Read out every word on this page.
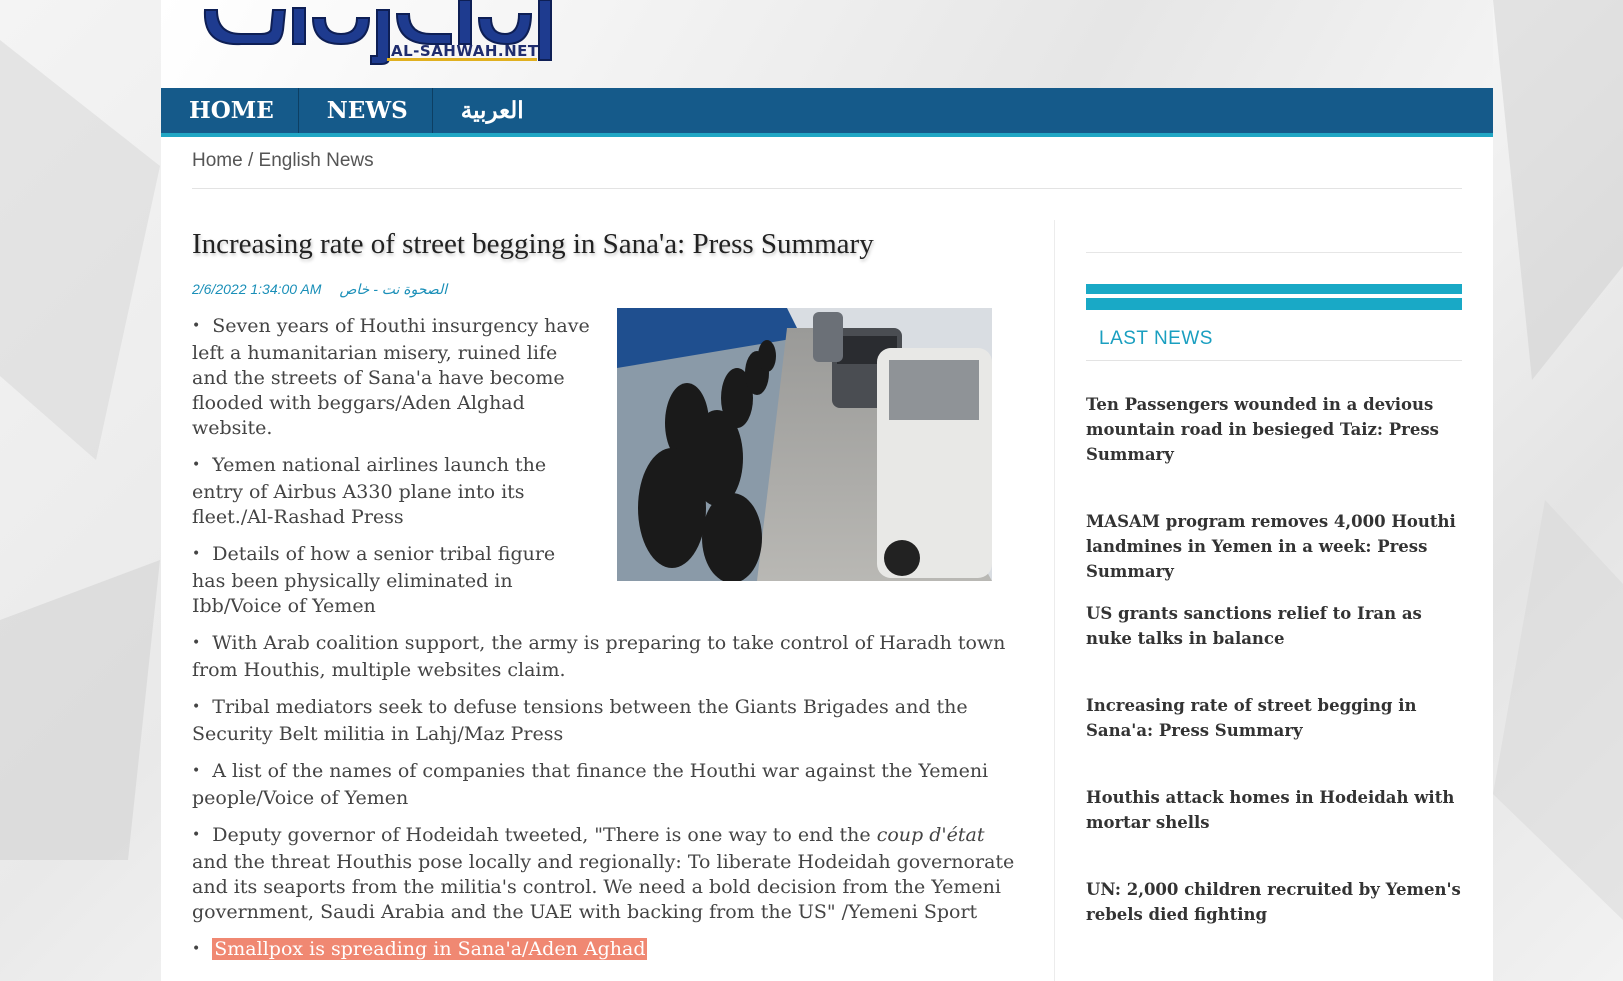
AL-SAHWAH.NET
HOME	NEWS	العربية
Home / English News
Increasing rate of street begging in Sana'a: Press Summary
2/6/2022 1:34:00 AM الصحوة نت - خاص
• Seven years of Houthi insurgency have left a humanitarian misery, ruined life and the streets of Sana'a have become flooded with beggars/Aden Alghad website.
• Yemen national airlines launch the entry of Airbus A330 plane into its fleet./Al-Rashad Press
• Details of how a senior tribal figure has been physically eliminated in Ibb/Voice of Yemen
• With Arab coalition support, the army is preparing to take control of Haradh town from Houthis, multiple websites claim.
• Tribal mediators seek to defuse tensions between the Giants Brigades and the Security Belt militia in Lahj/Maz Press
• A list of the names of companies that finance the Houthi war against the Yemeni people/Voice of Yemen
• Deputy governor of Hodeidah tweeted, "There is one way to end the coup d'état and the threat Houthis pose locally and regionally: To liberate Hodeidah governorate and its seaports from the militia's control. We need a bold decision from the Yemeni government, Saudi Arabia and the UAE with backing from the US" /Yemeni Sport
• Smallpox is spreading in Sana'a/Aden Aghad
LAST NEWS
Ten Passengers wounded in a devious mountain road in besieged Taiz: Press Summary
MASAM program removes 4,000 Houthi landmines in Yemen in a week: Press Summary
US grants sanctions relief to Iran as nuke talks in balance
Increasing rate of street begging in Sana'a: Press Summary
Houthis attack homes in Hodeidah with mortar shells
UN: 2,000 children recruited by Yemen's rebels died fighting
